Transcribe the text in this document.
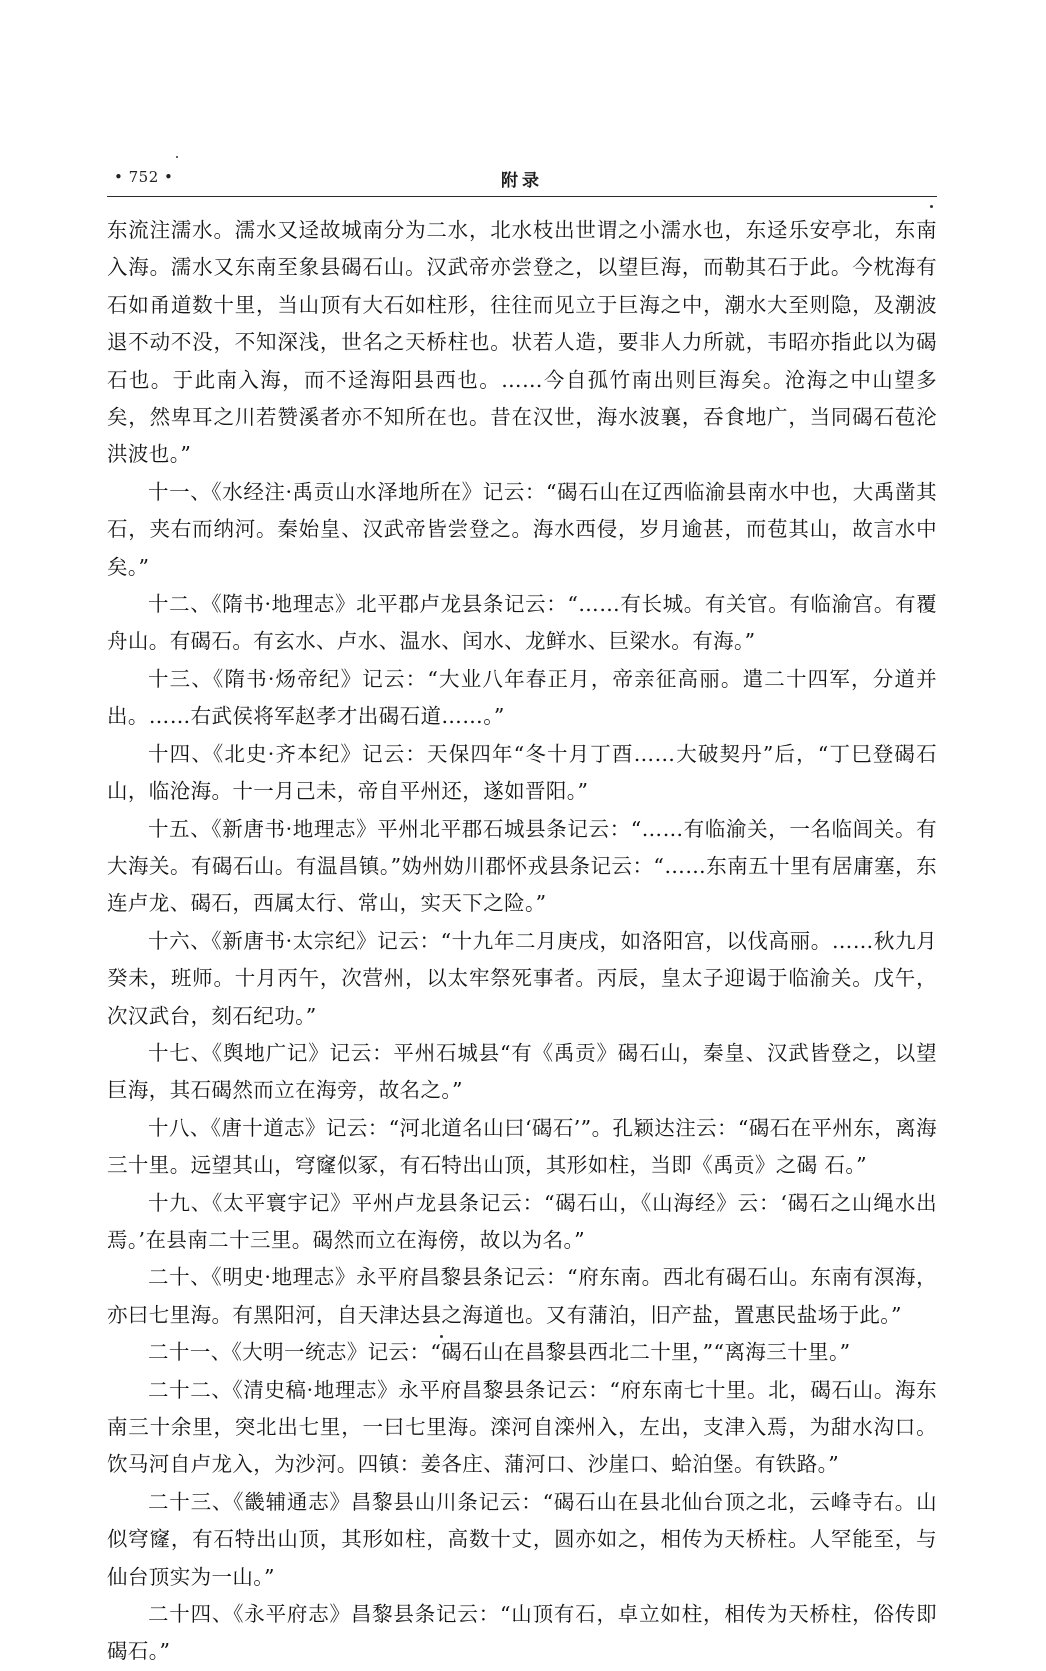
• 752 •	附录

东流注濡水。濡水又迳故城南分为二水，北水枝出世谓之小濡水也，东迳乐安亭北，东南入海。濡水又东南至象县碣石山。汉武帝亦尝登之，以望巨海，而勒其石于此。今枕海有石如甬道数十里，当山顶有大石如柱形，往往而见立于巨海之中，潮水大至则隐，及潮波退不动不没，不知深浅，世名之天桥柱也。状若人造，要非人力所就，韦昭亦指此以为碣石也。于此南入海，而不迳海阳县西也。……今自孤竹南出则巨海矣。沧海之中山望多矣，然卑耳之川若赞溪者亦不知所在也。昔在汉世，海水波襄，吞食地广，当同碣石苞沦洪波也。”

十一、《水经注·禹贡山水泽地所在》记云：“碣石山在辽西临渝县南水中也，大禹凿其石，夹右而纳河。秦始皇、汉武帝皆尝登之。海水西侵，岁月逾甚，而苞其山，故言水中矣。”

十二、《隋书·地理志》北平郡卢龙县条记云：“……有长城。有关官。有临渝宫。有覆舟山。有碣石。有玄水、卢水、温水、闰水、龙鲜水、巨梁水。有海。”

十三、《隋书·炀帝纪》记云：“大业八年春正月，帝亲征高丽。遣二十四军，分道并出。……右武侯将军赵孝才出碣石道……。”

十四、《北史·齐本纪》记云：天保四年“冬十月丁酉……大破契丹”后，“丁巳登碣石山，临沧海。十一月己未，帝自平州还，遂如晋阳。”

十五、《新唐书·地理志》平州北平郡石城县条记云：“……有临渝关，一名临闾关。有大海关。有碣石山。有温昌镇。”妫州妫川郡怀戎县条记云：“……东南五十里有居庸塞，东连卢龙、碣石，西属太行、常山，实天下之险。”

十六、《新唐书·太宗纪》记云：“十九年二月庚戌，如洛阳宫，以伐高丽。……秋九月癸未，班师。十月丙午，次营州，以太牢祭死事者。丙辰，皇太子迎谒于临渝关。戊午，次汉武台，刻石纪功。”

十七、《舆地广记》记云：平州石城县“有《禹贡》碣石山，秦皇、汉武皆登之，以望巨海，其石碣然而立在海旁，故名之。”

十八、《唐十道志》记云：“河北道名山曰‘碣石’”。孔颖达注云：“碣石在平州东，离海三十里。远望其山，穹窿似冢，有石特出山顶，其形如柱，当即《禹贡》之碣 石。”

十九、《太平寰宇记》平州卢龙县条记云：“碣石山，《山海经》云：‘碣石之山绳水出焉。’在县南二十三里。碣然而立在海傍，故以为名。”

二十、《明史·地理志》永平府昌黎县条记云：“府东南。西北有碣石山。东南有溟海，亦曰七里海。有黑阳河，自天津达县之海道也。又有蒲泊，旧产盐，置惠民盐场于此。”

二十一、《大明一统志》记云：“碣石山在昌黎县西北二十里，”“离海三十里。”

二十二、《清史稿·地理志》永平府昌黎县条记云：“府东南七十里。北，碣石山。海东南三十余里，突北出七里，一曰七里海。滦河自滦州入，左出，支津入焉，为甜水沟口。饮马河自卢龙入，为沙河。四镇：姜各庄、蒲河口、沙崖口、蛤泊堡。有铁路。”

二十三、《畿辅通志》昌黎县山川条记云：“碣石山在县北仙台顶之北，云峰寺右。山似穹窿，有石特出山顶，其形如柱，高数十丈，圆亦如之，相传为天桥柱。人罕能至，与仙台顶实为一山。”

二十四、《永平府志》昌黎县条记云：“山顶有石，卓立如柱，相传为天桥柱，俗传即碣石。”
